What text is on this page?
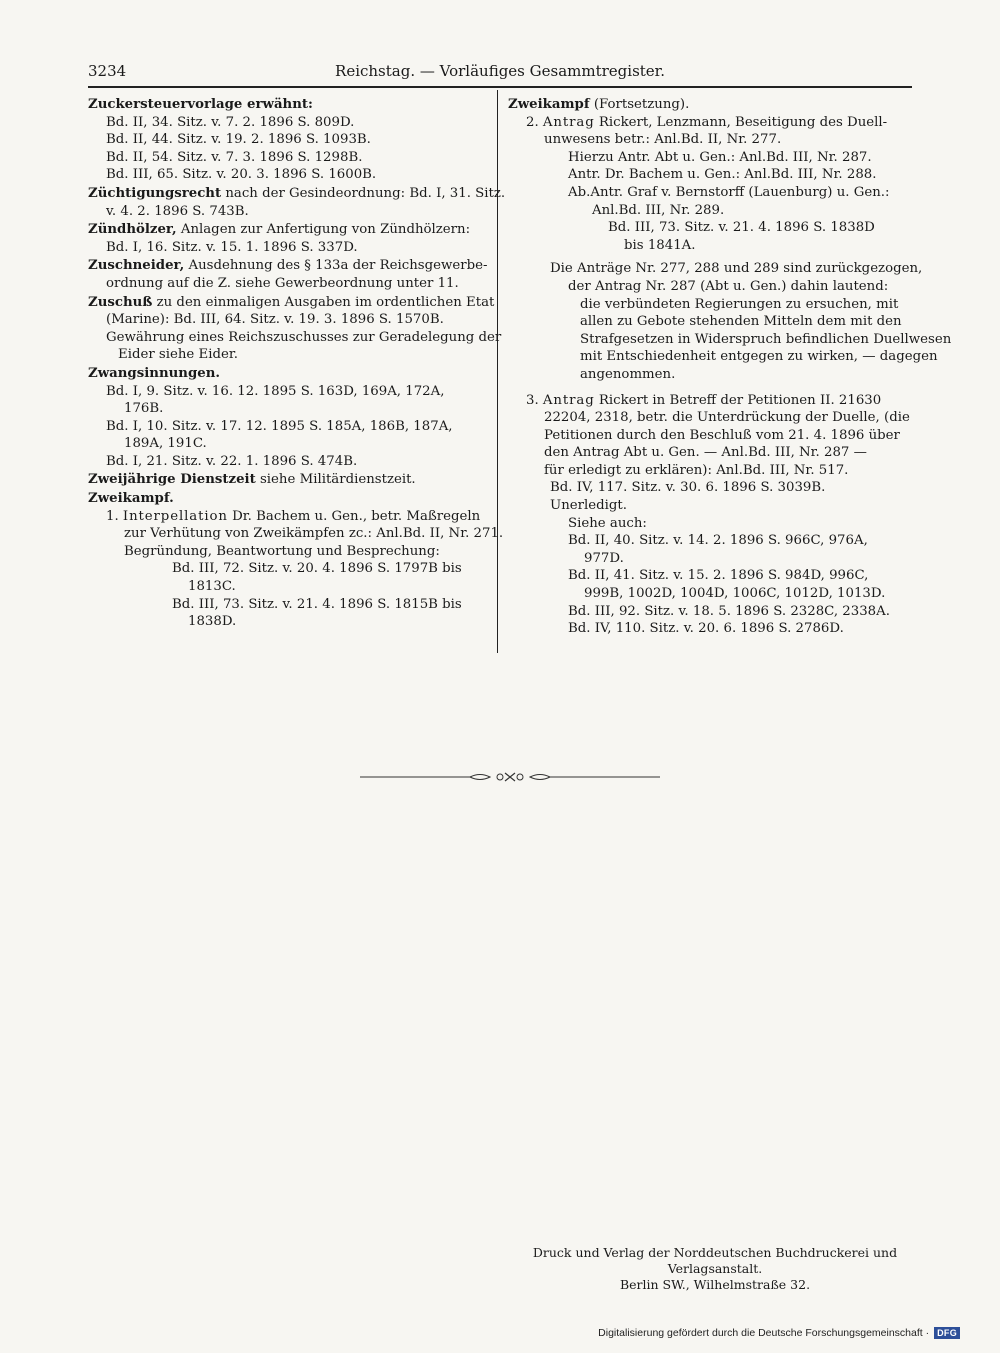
3234	Reichstag. — Vorläufiges Gesammtregister.
Zuckersteuervorlage erwähnt:
Bd. II, 34. Sitz. v. 7. 2. 1896 S. 809D.
Bd. II, 44. Sitz. v. 19. 2. 1896 S. 1093B.
Bd. II, 54. Sitz. v. 7. 3. 1896 S. 1298B.
Bd. III, 65. Sitz. v. 20. 3. 1896 S. 1600B.
Züchtigungsrecht nach der Gesindeordnung: Bd. I, 31. Sitz.
v. 4. 2. 1896 S. 743B.
Zündhölzer, Anlagen zur Anfertigung von Zündhölzern:
Bd. I, 16. Sitz. v. 15. 1. 1896 S. 337D.
Zuschneider, Ausdehnung des § 133a der Reichsgewerbe-
ordnung auf die Z. siehe Gewerbeordnung unter 11.
Zuschuß zu den einmaligen Ausgaben im ordentlichen Etat
(Marine): Bd. III, 64. Sitz. v. 19. 3. 1896 S. 1570B.
Gewährung eines Reichszuschusses zur Geradelegung der
Eider siehe Eider.
Zwangsinnungen.
Bd. I, 9. Sitz. v. 16. 12. 1895 S. 163D, 169A, 172A,
176B.
Bd. I, 10. Sitz. v. 17. 12. 1895 S. 185A, 186B, 187A,
189A, 191C.
Bd. I, 21. Sitz. v. 22. 1. 1896 S. 474B.
Zweijährige Dienstzeit siehe Militärdienstzeit.
Zweikampf.
1. Interpellation Dr. Bachem u. Gen., betr. Maßregeln
zur Verhütung von Zweikämpfen zc.: Anl.Bd. II, Nr. 271.
Begründung, Beantwortung und Besprechung:
Bd. III, 72. Sitz. v. 20. 4. 1896 S. 1797B bis
1813C.
Bd. III, 73. Sitz. v. 21. 4. 1896 S. 1815B bis
1838D.
Zweikampf (Fortsetzung).
2. Antrag Rickert, Lenzmann, Beseitigung des Duell-
unwesens betr.: Anl.Bd. II, Nr. 277.
Hierzu Antr. Abt u. Gen.: Anl.Bd. III, Nr. 287.
Antr. Dr. Bachem u. Gen.: Anl.Bd. III, Nr. 288.
Ab.Antr. Graf v. Bernstorff (Lauenburg) u. Gen.:
Anl.Bd. III, Nr. 289.
Bd. III, 73. Sitz. v. 21. 4. 1896 S. 1838D
bis 1841A.
Die Anträge Nr. 277, 288 und 289 sind zurückgezogen,
der Antrag Nr. 287 (Abt u. Gen.) dahin lautend:
die verbündeten Regierungen zu ersuchen, mit
allen zu Gebote stehenden Mitteln dem mit den
Strafgesetzen in Widerspruch befindlichen Duellwesen
mit Entschiedenheit entgegen zu wirken, — dagegen
angenommen.
3. Antrag Rickert in Betreff der Petitionen II. 21630
22204, 2318, betr. die Unterdrückung der Duelle, (die
Petitionen durch den Beschluß vom 21. 4. 1896 über
den Antrag Abt u. Gen. — Anl.Bd. III, Nr. 287 —
für erledigt zu erklären): Anl.Bd. III, Nr. 517.
Bd. IV, 117. Sitz. v. 30. 6. 1896 S. 3039B.
Unerledigt.
Siehe auch:
Bd. II, 40. Sitz. v. 14. 2. 1896 S. 966C, 976A,
977D.
Bd. II, 41. Sitz. v. 15. 2. 1896 S. 984D, 996C,
999B, 1002D, 1004D, 1006C, 1012D, 1013D.
Bd. III, 92. Sitz. v. 18. 5. 1896 S. 2328C, 2338A.
Bd. IV, 110. Sitz. v. 20. 6. 1896 S. 2786D.
Druck und Verlag der Norddeutschen Buchdruckerei und Verlagsanstalt.
Berlin SW., Wilhelmstraße 32.
Digitalisierung gefördert durch die Deutsche Forschungsgemeinschaft · DFG
